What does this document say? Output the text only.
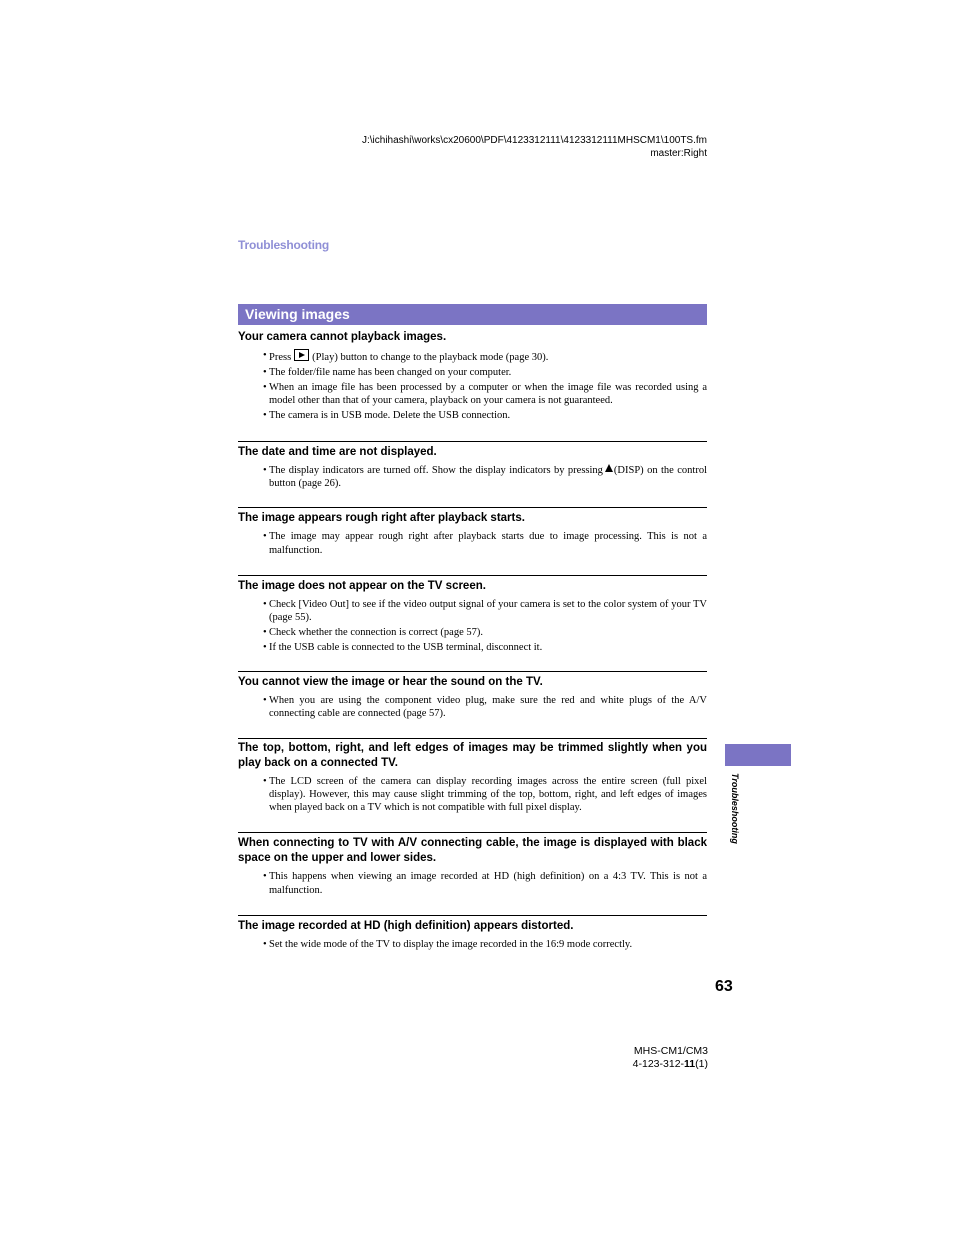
J:\ichihashi\works\cx20600\PDF\4123312111\4123312111MHSCM1\100TS.fm
master:Right
Troubleshooting
Viewing images
Your camera cannot playback images.
• Press (Play) button to change to the playback mode (page 30).
• The folder/file name has been changed on your computer.
• When an image file has been processed by a computer or when the image file was recorded using a model other than that of your camera, playback on your camera is not guaranteed.
• The camera is in USB mode. Delete the USB connection.
The date and time are not displayed.
• The display indicators are turned off. Show the display indicators by pressing (DISP) on the control button (page 26).
The image appears rough right after playback starts.
• The image may appear rough right after playback starts due to image processing. This is not a malfunction.
The image does not appear on the TV screen.
• Check [Video Out] to see if the video output signal of your camera is set to the color system of your TV (page 55).
• Check whether the connection is correct (page 57).
• If the USB cable is connected to the USB terminal, disconnect it.
You cannot view the image or hear the sound on the TV.
• When you are using the component video plug, make sure the red and white plugs of the A/V connecting cable are connected (page 57).
The top, bottom, right, and left edges of images may be trimmed slightly when you play back on a connected TV.
• The LCD screen of the camera can display recording images across the entire screen (full pixel display). However, this may cause slight trimming of the top, bottom, right, and left edges of images when played back on a TV which is not compatible with full pixel display.
When connecting to TV with A/V connecting cable, the image is displayed with black space on the upper and lower sides.
• This happens when viewing an image recorded at HD (high definition) on a 4:3 TV. This is not a malfunction.
The image recorded at HD (high definition) appears distorted.
• Set the wide mode of the TV to display the image recorded in the 16:9 mode correctly.
Troubleshooting
63
MHS-CM1/CM3
4-123-312-11(1)
